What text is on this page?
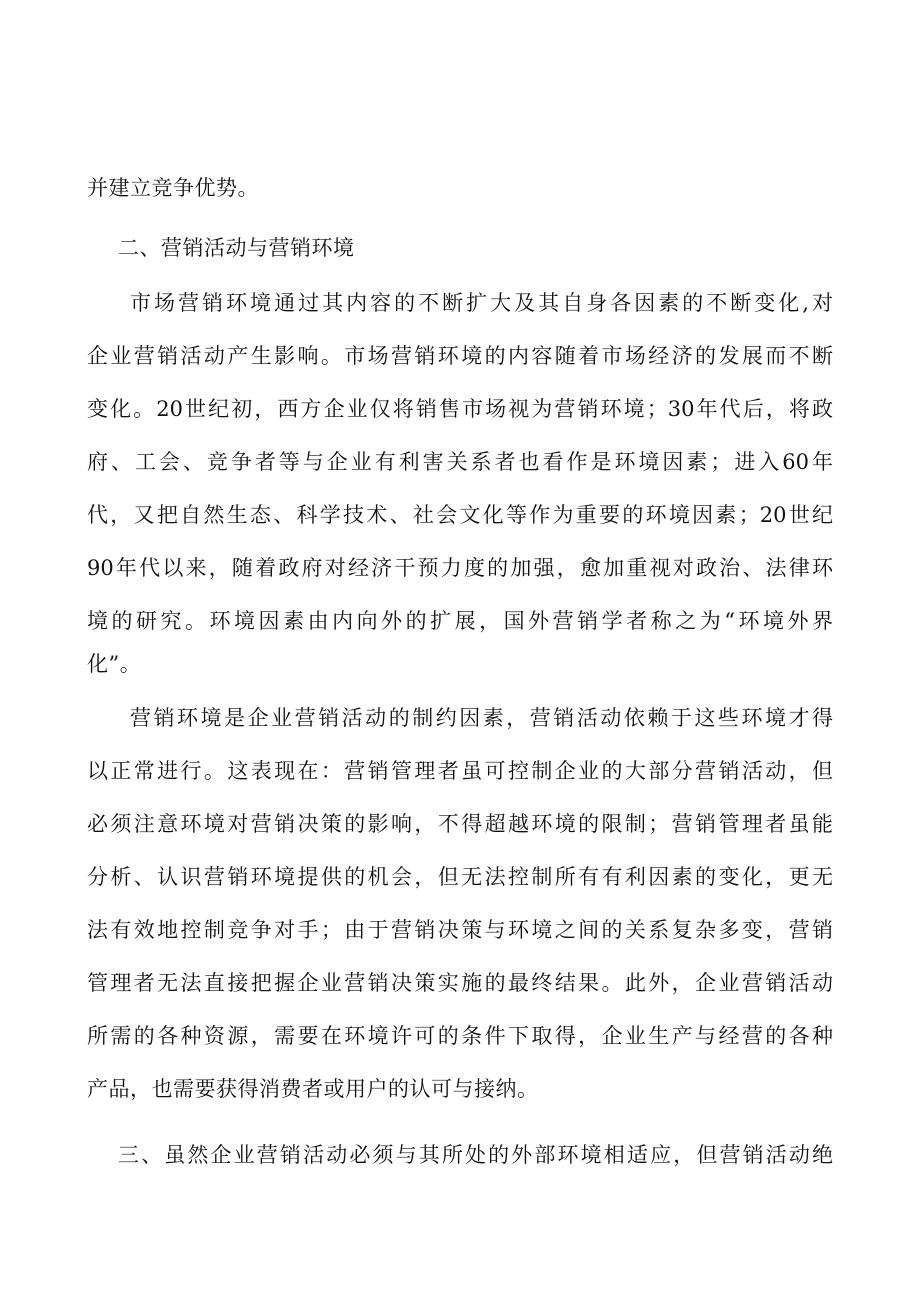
并建立竞争优势。
二、营销活动与营销环境
市场营销环境通过其内容的不断扩大及其自身各因素的不断变化,对
企业营销活动产生影响。市场营销环境的内容随着市场经济的发展而不断
变化。20世纪初，西方企业仅将销售市场视为营销环境；30年代后，将政
府、工会、竞争者等与企业有利害关系者也看作是环境因素；进入60年
代，又把自然生态、科学技术、社会文化等作为重要的环境因素；20世纪
90年代以来，随着政府对经济干预力度的加强，愈加重视对政治、法律环
境的研究。环境因素由内向外的扩展，国外营销学者称之为“环境外界
化”。
营销环境是企业营销活动的制约因素，营销活动依赖于这些环境才得
以正常进行。这表现在：营销管理者虽可控制企业的大部分营销活动，但
必须注意环境对营销决策的影响，不得超越环境的限制；营销管理者虽能
分析、认识营销环境提供的机会，但无法控制所有有利因素的变化，更无
法有效地控制竞争对手；由于营销决策与环境之间的关系复杂多变，营销
管理者无法直接把握企业营销决策实施的最终结果。此外，企业营销活动
所需的各种资源，需要在环境许可的条件下取得，企业生产与经营的各种
产品，也需要获得消费者或用户的认可与接纳。
三、虽然企业营销活动必须与其所处的外部环境相适应，但营销活动绝
